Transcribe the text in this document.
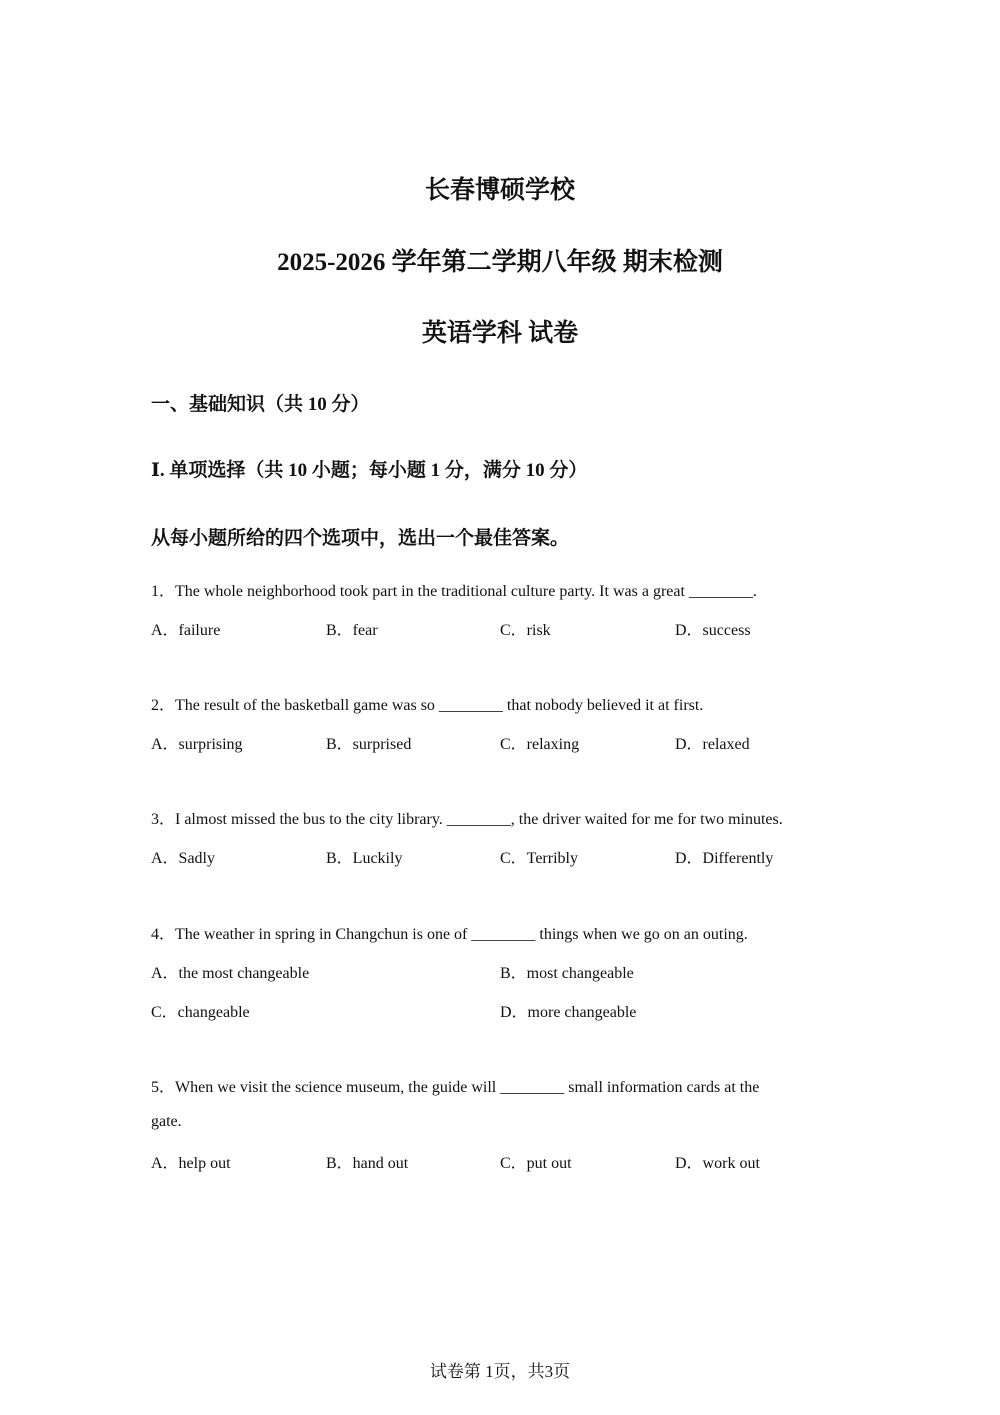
长春博硕学校
2025-2026 学年第二学期八年级 期末检测
英语学科 试卷
一、基础知识（共 10 分）
Ⅰ. 单项选择（共 10 小题；每小题 1 分，满分 10 分）
从每小题所给的四个选项中，选出一个最佳答案。
1．The whole neighborhood took part in the traditional culture party. It was a great ________.
A．failure	B．fear	C．risk	D．success
2．The result of the basketball game was so ________ that nobody believed it at first.
A．surprising	B．surprised	C．relaxing	D．relaxed
3．I almost missed the bus to the city library. ________, the driver waited for me for two minutes.
A．Sadly	B．Luckily	C．Terribly	D．Differently
4．The weather in spring in Changchun is one of ________ things when we go on an outing.
A．the most changeable	B．most changeable
C．changeable	D．more changeable
5．When we visit the science museum, the guide will ________ small information cards at the
gate.
A．help out	B．hand out	C．put out	D．work out
试卷第 1页，共3页
